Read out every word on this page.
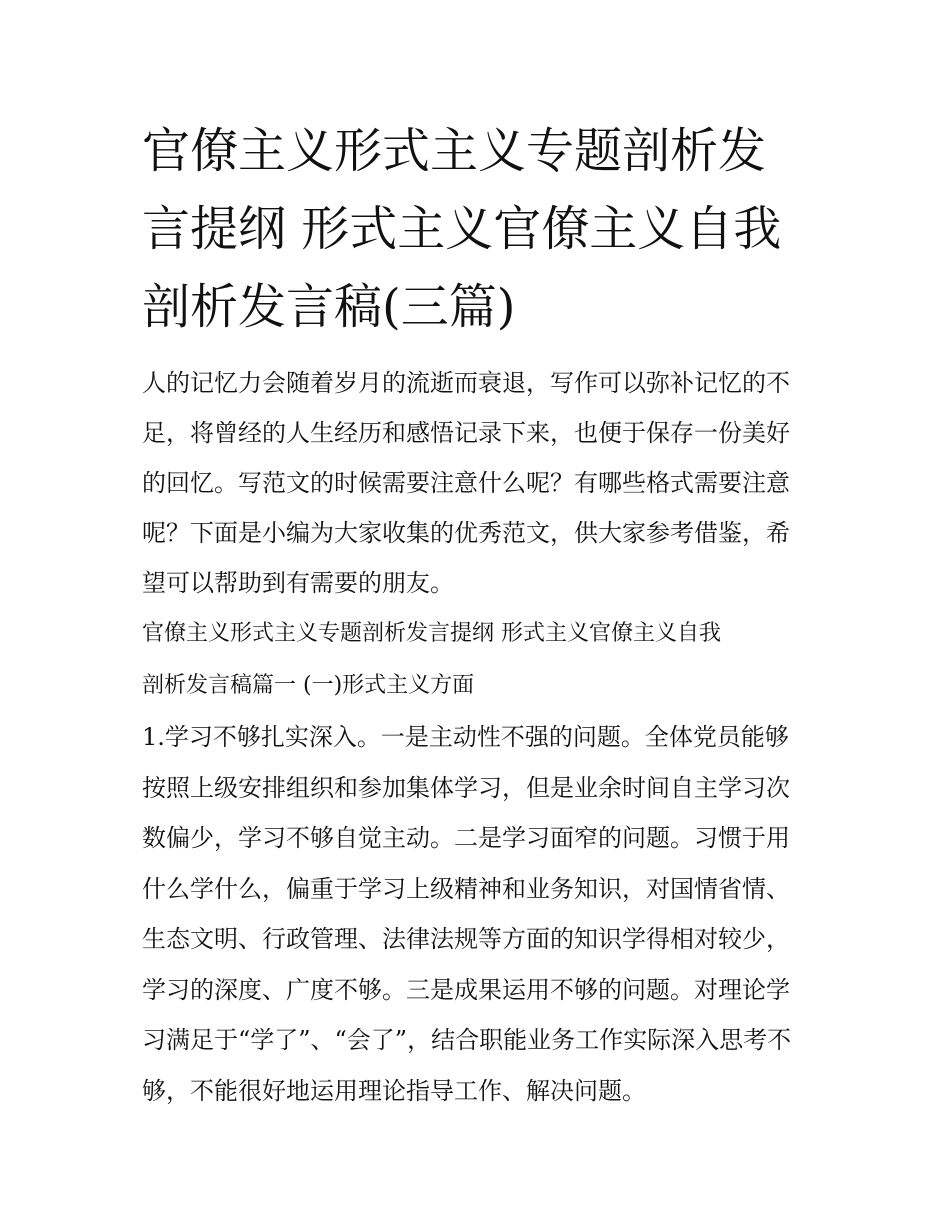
官僚主义形式主义专题剖析发
言提纲 形式主义官僚主义自我
剖析发言稿(三篇)
人的记忆力会随着岁月的流逝而衰退，写作可以弥补记忆的不
足，将曾经的人生经历和感悟记录下来，也便于保存一份美好
的回忆。写范文的时候需要注意什么呢？有哪些格式需要注意
呢？下面是小编为大家收集的优秀范文，供大家参考借鉴，希
望可以帮助到有需要的朋友。
官僚主义形式主义专题剖析发言提纲 形式主义官僚主义自我
剖析发言稿篇一 (一)形式主义方面
1.学习不够扎实深入。一是主动性不强的问题。全体党员能够
按照上级安排组织和参加集体学习，但是业余时间自主学习次
数偏少，学习不够自觉主动。二是学习面窄的问题。习惯于用
什么学什么，偏重于学习上级精神和业务知识，对国情省情、
生态文明、行政管理、法律法规等方面的知识学得相对较少，
学习的深度、广度不够。三是成果运用不够的问题。对理论学
习满足于“学了”、“会了”，结合职能业务工作实际深入思考不
够，不能很好地运用理论指导工作、解决问题。
